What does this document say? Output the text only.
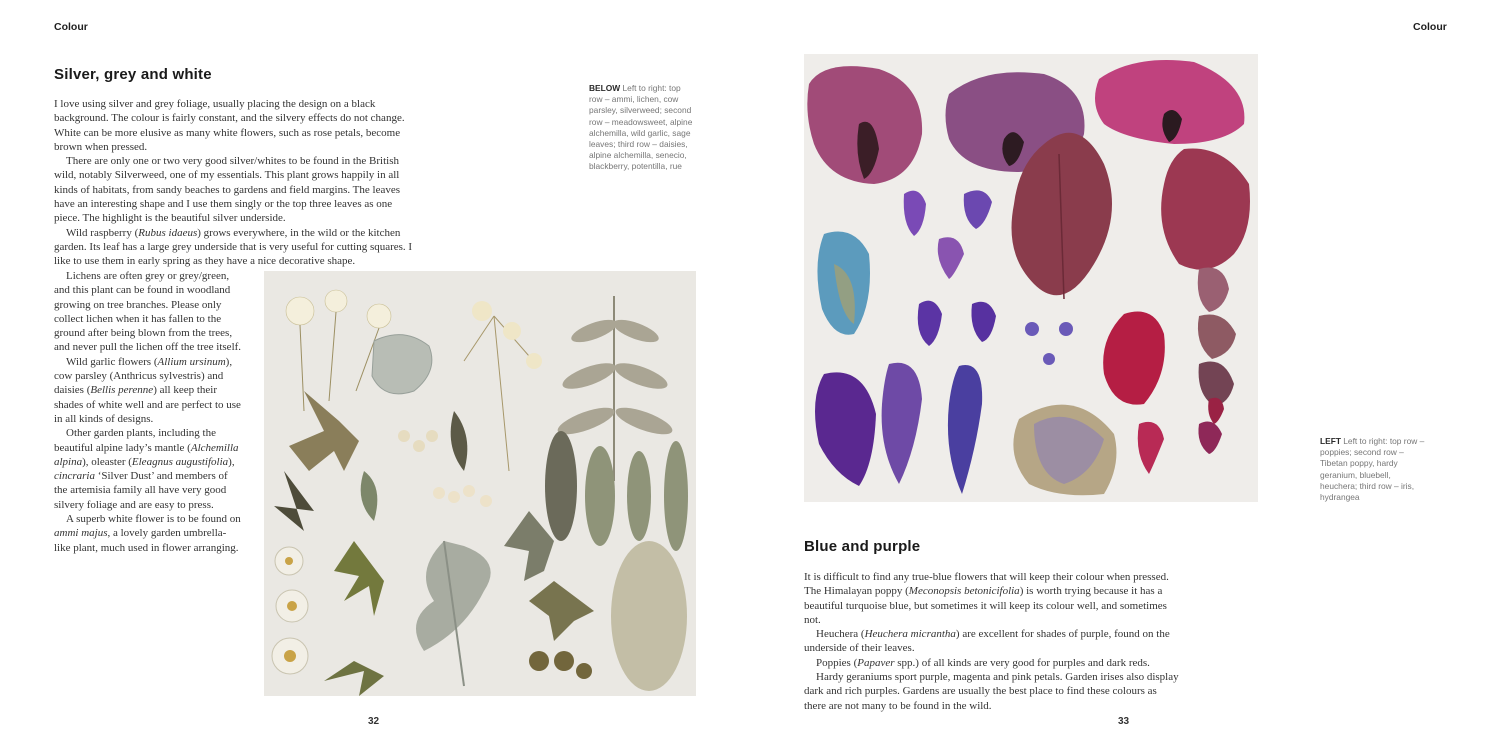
Colour
Silver, grey and white

I love using silver and grey foliage, usually placing the design on a black background. The colour is fairly constant, and the silvery effects do not change. White can be more elusive as many white flowers, such as rose petals, become brown when pressed.

There are only one or two very good silver/whites to be found in the British wild, notably Silverweed, one of my essentials. This plant grows happily in all kinds of habitats, from sandy beaches to gardens and field margins. The leaves have an interesting shape and I use them singly or the top three leaves as one piece. The highlight is the beautiful silver underside.

Wild raspberry (Rubus idaeus) grows everywhere, in the wild or the kitchen garden. Its leaf has a large grey underside that is very useful for cutting squares. I like to use them in early spring as they have a nice decorative shape.

Lichens are often grey or grey/green, and this plant can be found in woodland growing on tree branches. Please only collect lichen when it has fallen to the ground after being blown from the trees, and never pull the lichen off the tree itself.

Wild garlic flowers (Allium ursinum), cow parsley (Anthricus sylvestris) and daisies (Bellis perenne) all keep their shades of white well and are perfect to use in all kinds of designs.

Other garden plants, including the beautiful alpine lady’s mantle (Alchemilla alpina), oleaster (Eleagnus augustifolia), cincraria ‘Silver Dust’ and members of the artemisia family all have very good silvery foliage and are easy to press.

A superb white flower is to be found on ammi majus, a lovely garden umbrella-like plant, much used in flower arranging.

BELOW Left to right: top row – ammi, lichen, cow parsley, silverweed; second row – meadowsweet, alpine alchemilla, wild garlic, sage leaves; third row – daisies, alpine alchemilla, senecio, blackberry, potentilla, rue
32
Colour
LEFT Left to right: top row – poppies; second row – Tibetan poppy, hardy geranium, bluebell, heuchera; third row – iris, hydrangea
Blue and purple

It is difficult to find any true-blue flowers that will keep their colour when pressed. The Himalayan poppy (Meconopsis betonicifolia) is worth trying because it has a beautiful turquoise blue, but sometimes it will keep its colour well, and sometimes not.

Heuchera (Heuchera micrantha) are excellent for shades of purple, found on the underside of their leaves.

Poppies (Papaver spp.) of all kinds are very good for purples and dark reds.

Hardy geraniums sport purple, magenta and pink petals. Garden irises also display dark and rich purples. Gardens are usually the best place to find these colours as there are not many to be found in the wild.

33
